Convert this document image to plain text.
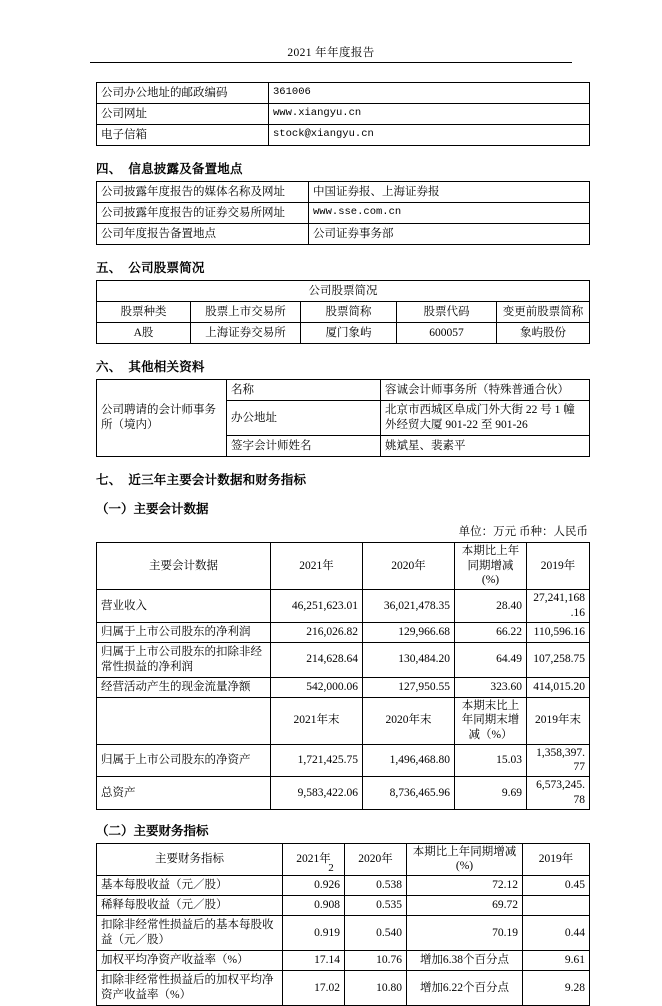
2021 年年度报告
公司办公地址的邮政编码	361006
公司网址	www.xiangyu.cn
电子信箱	stock@xiangyu.cn
四、 信息披露及备置地点
公司披露年度报告的媒体名称及网址	中国证券报、上海证券报
公司披露年度报告的证券交易所网址	www.sse.com.cn
公司年度报告备置地点	公司证券事务部
五、 公司股票简况
公司股票简况				
股票种类	股票上市交易所	股票简称	股票代码	变更前股票简称
A股	上海证券交易所	厦门象屿	600057	象屿股份
六、 其他相关资料
公司聘请的会计师事务所（境内）	名称	容诚会计师事务所（特殊普通合伙）
	办公地址	北京市西城区阜成门外大街 22 号 1 幢外经贸大厦 901-22 至 901-26
	签字会计师姓名	姚斌星、裴素平
七、 近三年主要会计数据和财务指标
（一）主要会计数据
单位：万元 币种：人民币
主要会计数据	2021年	2020年	本期比上年同期增减(%)	2019年
营业收入	46,251,623.01	36,021,478.35	28.40	27,241,168.16
归属于上市公司股东的净利润	216,026.82	129,966.68	66.22	110,596.16
归属于上市公司股东的扣除非经常性损益的净利润	214,628.64	130,484.20	64.49	107,258.75
经营活动产生的现金流量净额	542,000.06	127,950.55	323.60	414,015.20
	2021年末	2020年末	本期末比上年同期末增减（%）	2019年末
归属于上市公司股东的净资产	1,721,425.75	1,496,468.80	15.03	1,358,397.77
总资产	9,583,422.06	8,736,465.96	9.69	6,573,245.78
（二）主要财务指标
主要财务指标	2021年	2020年	本期比上年同期增减(%)	2019年
基本每股收益（元／股）	0.926	0.538	72.12	0.45
稀释每股收益（元／股）	0.908	0.535	69.72	
扣除非经常性损益后的基本每股收益（元／股）	0.919	0.540	70.19	0.44
加权平均净资产收益率（%）	17.14	10.76	增加6.38个百分点	9.61
扣除非经常性损益后的加权平均净资产收益率（%）	17.02	10.80	增加6.22个百分点	9.28
2
